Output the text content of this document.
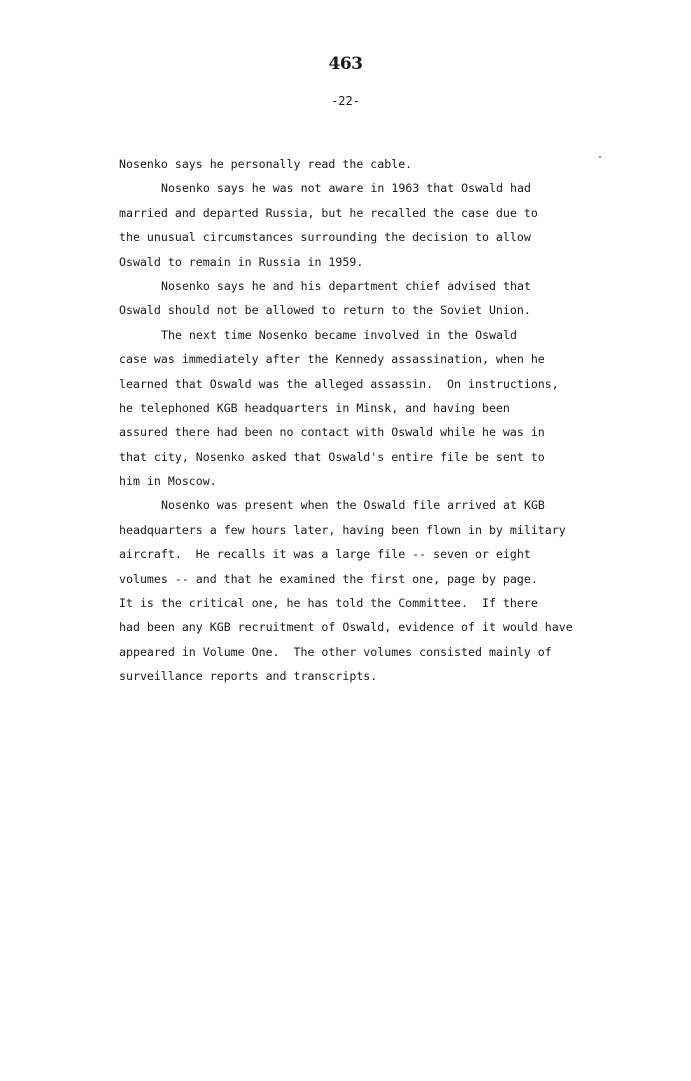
463
-22-
Nosenko says he personally read the cable.
Nosenko says he was not aware in 1963 that Oswald had
married and departed Russia, but he recalled the case due to
the unusual circumstances surrounding the decision to allow
Oswald to remain in Russia in 1959.
Nosenko says he and his department chief advised that
Oswald should not be allowed to return to the Soviet Union.
The next time Nosenko became involved in the Oswald
case was immediately after the Kennedy assassination, when he
learned that Oswald was the alleged assassin.  On instructions,
he telephoned KGB headquarters in Minsk, and having been
assured there had been no contact with Oswald while he was in
that city, Nosenko asked that Oswald's entire file be sent to
him in Moscow.
Nosenko was present when the Oswald file arrived at KGB
headquarters a few hours later, having been flown in by military
aircraft.  He recalls it was a large file -- seven or eight
volumes -- and that he examined the first one, page by page.
It is the critical one, he has told the Committee.  If there
had been any KGB recruitment of Oswald, evidence of it would have
appeared in Volume One.  The other volumes consisted mainly of
surveillance reports and transcripts.
